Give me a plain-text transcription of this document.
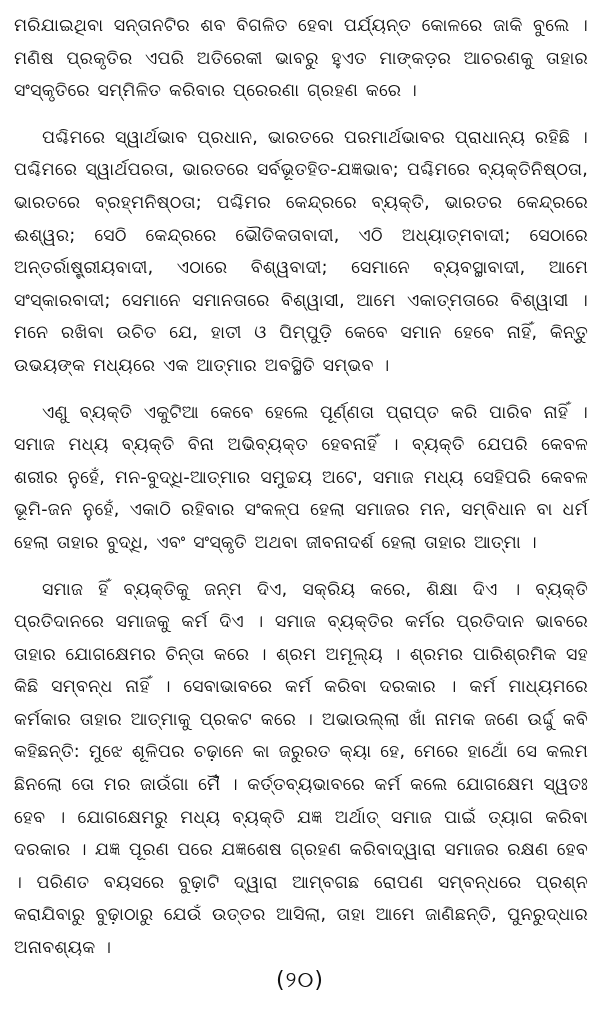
ମରିଯାଇଥିବା ସନ୍ତାନଟିର ଶବ ବିଗଳିତ ହେବା ପର୍ଯ୍ୟନ୍ତ କୋଳରେ ଜାକି ବୁଲେ । ମଣିଷ ପ୍ରକୃତିର ଏପରି ଅତିରେକୀ ଭାବରୁ ହୁଏତ ମାଙ୍କଡ଼ର ଆଚରଣକୁ ତାହାର ସଂସ୍କୃତିରେ ସମ୍ମିଳିତ କରିବାର ପ୍ରେରଣା ଗ୍ରହଣ କରେ ।

ପଶ୍ଚିମରେ ସ୍ୱାର୍ଥଭାବ ପ୍ରଧାନ, ଭାରତରେ ପରମାର୍ଥଭାବର ପ୍ରାଧାନ୍ୟ ରହିଛି । ପଶ୍ଚିମରେ ସ୍ୱାର୍ଥପରତା, ଭାରତରେ ସର୍ବଭୂତହିତ-ଯଜ୍ଞଭାବ; ପଶ୍ଚିମରେ ବ୍ୟକ୍ତିନିଷ୍ଠତା, ଭାରତରେ ବ୍ରହ୍ମନିଷ୍ଠତା; ପଶ୍ଚିମର କେନ୍ଦ୍ରରେ ବ୍ୟକ୍ତି, ଭାରତର କେନ୍ଦ୍ରରେ ଈଶ୍ୱର; ସେଠି କେନ୍ଦ୍ରରେ ଭୌତିକତାବାଦୀ, ଏଠି ଅଧ୍ୟାତ୍ମବାଦୀ; ସେଠାରେ ଅନ୍ତର୍ରାଷ୍ଟ୍ରୀୟବାଦୀ, ଏଠାରେ ବିଶ୍ୱବାଦୀ; ସେମାନେ ବ୍ୟବସ୍ଥାବାଦୀ, ଆମେ ସଂସ୍କାରବାଦୀ; ସେମାନେ ସମାନତାରେ ବିଶ୍ୱାସୀ, ଆମେ ଏକାତ୍ମତାରେ ବିଶ୍ୱାସୀ । ମନେ ରଖିବା ଉଚିତ ଯେ, ହାତୀ ଓ ପିମ୍ପୁଡ଼ି କେବେ ସମାନ ହେବେ ନାହିଁ, କିନ୍ତୁ ଉଭୟଙ୍କ ମଧ୍ୟରେ ଏକ ଆତ୍ମାର ଅବସ୍ଥିତି ସମ୍ଭବ ।

ଏଣୁ ବ୍ୟକ୍ତି ଏକୁଟିଆ କେବେ ହେଲେ ପୂର୍ଣ୍ଣତା ପ୍ରାପ୍ତ କରି ପାରିବ ନାହିଁ । ସମାଜ ମଧ୍ୟ ବ୍ୟକ୍ତି ବିନା ଅଭିବ୍ୟକ୍ତ ହେବନାହିଁ । ବ୍ୟକ୍ତି ଯେପରି କେବଳ ଶରୀର ନୁହେଁ, ମନ-ବୁଦ୍ଧି-ଆତ୍ମାର ସମୁଚ୍ଚୟ ଅଟେ, ସମାଜ ମଧ୍ୟ ସେହିପରି କେବଳ ଭୂମି-ଜନ ନୁହେଁ, ଏକାଠି ରହିବାର ସଂକଳ୍ପ ହେଲା ସମାଜର ମନ, ସମ୍ବିଧାନ ବା ଧର୍ମ ହେଲା ତାହାର ବୁଦ୍ଧି, ଏବଂ ସଂସ୍କୃତି ଅଥବା ଜୀବନାଦର୍ଶ ହେଲା ତାହାର ଆତ୍ମା ।

ସମାଜ ହିଁ ବ୍ୟକ୍ତିକୁ ଜନ୍ମ ଦିଏ, ସକ୍ରିୟ କରେ, ଶିକ୍ଷା ଦିଏ । ବ୍ୟକ୍ତି ପ୍ରତିଦାନରେ ସମାଜକୁ କର୍ମ ଦିଏ । ସମାଜ ବ୍ୟକ୍ତିର କର୍ମର ପ୍ରତିଦାନ ଭାବରେ ତାହାର ଯୋଗକ୍ଷେମର ଚିନ୍ତା କରେ । ଶ୍ରମ ଅମୂଲ୍ୟ । ଶ୍ରମର ପାରିଶ୍ରମିକ ସହ କିଛି ସମ୍ବନ୍ଧ ନାହିଁ । ସେବାଭାବରେ କର୍ମ କରିବା ଦରକାର । କର୍ମ ମାଧ୍ୟମରେ କର୍ମକାର ତାହାର ଆତ୍ମାକୁ ପ୍ରକଟ କରେ । ଅଭାଉଲ୍ଲା ଖାଁ ନାମକ ଜଣେ ଉର୍ଦ୍ଦୁ କବି କହିଛନ୍ତି: ମୁଝେ ଶୂଳିପର ଚଢ଼ାନେ କା ଜରୁରତ କ୍ୟା ହେ, ମେରେ ହାଥୋଁ ସେ କଲମ ଛିନଲୋ ତୋ ମର ଜାଉଁଗା ମୈଁ । କର୍ତ୍ତବ୍ୟଭାବରେ କର୍ମ କଲେ ଯୋଗକ୍ଷେମ ସ୍ୱତଃ ହେବ । ଯୋଗକ୍ଷେମରୁ ମଧ୍ୟ ବ୍ୟକ୍ତି ଯଜ୍ଞ ଅର୍ଥାତ୍ ସମାଜ ପାଇଁ ତ୍ୟାଗ କରିବା ଦରକାର । ଯଜ୍ଞ ପୂରଣ ପରେ ଯଜ୍ଞଶେଷ ଗ୍ରହଣ କରିବାଦ୍ୱାରା ସମାଜର ରକ୍ଷଣ ହେବ । ପରିଣତ ବୟସରେ ବୁଢ଼ାଟି ଦ୍ୱାରା ଆମ୍ବଗଛ ରୋପଣ ସମ୍ବନ୍ଧରେ ପ୍ରଶ୍ନ କରାଯିବାରୁ ବୁଢ଼ାଠାରୁ ଯେଉଁ ଉତ୍ତର ଆସିଲା, ତାହା ଆମେ ଜାଣିଛନ୍ତି, ପୁନରୁଦ୍ଧାର ଅନାବଶ୍ୟକ ।

(୨୦)
